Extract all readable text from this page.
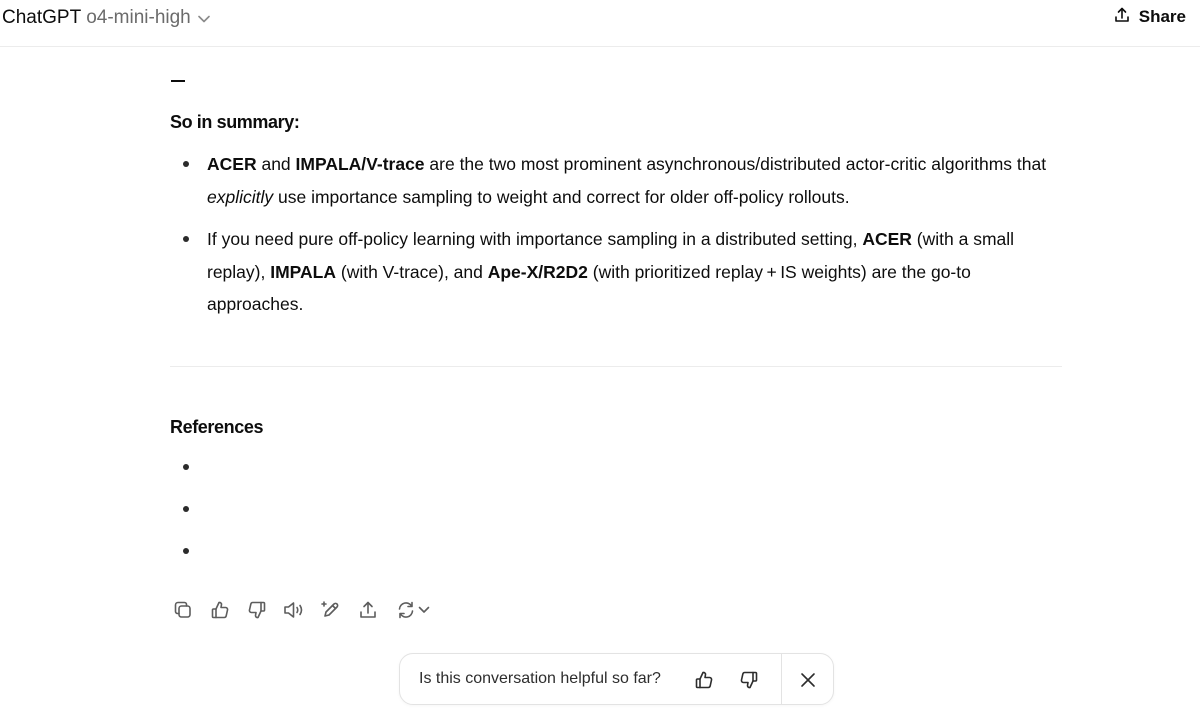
ChatGPT o4-mini-high	Share
So in summary:
ACER and IMPALA/V-trace are the two most prominent asynchronous/distributed actor-critic algorithms that explicitly use importance sampling to weight and correct for older off-policy rollouts.
If you need pure off-policy learning with importance sampling in a distributed setting, ACER (with a small replay), IMPALA (with V-trace), and Ape-X/R2D2 (with prioritized replay + IS weights) are the go-to approaches.
References
Is this conversation helpful so far?
